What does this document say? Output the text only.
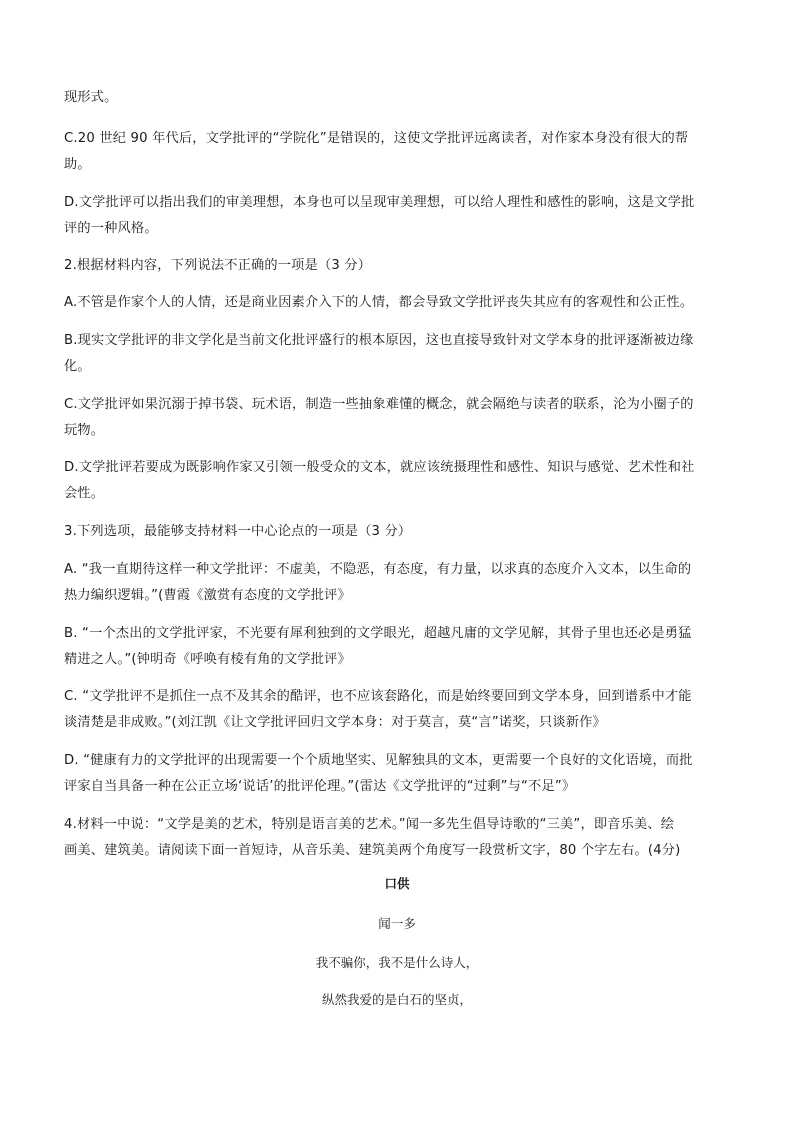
现形式。

C.20 世纪 90 年代后，文学批评的“学院化”是错误的，这使文学批评远离读者，对作家本身没有很大的帮
助。

D.文学批评可以指出我们的审美理想，本身也可以呈现审美理想，可以给人理性和感性的影响，这是文学批
评的一种风格。

2.根据材料内容，下列说法不正确的一项是（3 分）

A.不管是作家个人的人情，还是商业因素介入下的人情，都会导致文学批评丧失其应有的客观性和公正性。

B.现实文学批评的非文学化是当前文化批评盛行的根本原因，这也直接导致针对文学本身的批评逐渐被边缘
化。

C.文学批评如果沉溺于掉书袋、玩术语，制造一些抽象难懂的概念，就会隔绝与读者的联系，沦为小圈子的
玩物。

D.文学批评若要成为既影响作家又引领一般受众的文本，就应该统摄理性和感性、知识与感觉、艺术性和社
会性。

3.下列选项，最能够支持材料一中心论点的一项是（3 分）

A. “我一直期待这样一种文学批评：不虚美，不隐恶，有态度，有力量，以求真的态度介入文本，以生命的
热力编织逻辑。”(曹霞《激赏有态度的文学批评》

B. “一个杰出的文学批评家，不光要有犀利独到的文学眼光，超越凡庸的文学见解，其骨子里也还必是勇猛
精进之人。”(钟明奇《呼唤有棱有角的文学批评》

C. “文学批评不是抓住一点不及其余的酷评，也不应该套路化，而是始终要回到文学本身，回到谱系中才能
谈清楚是非成败。”(刘江凯《让文学批评回归文学本身：对于莫言，莫“言”诺奖，只谈新作》

D. “健康有力的文学批评的出现需要一个个质地坚实、见解独具的文本，更需要一个良好的文化语境，而批
评家自当具备一种在公正立场‘说话’的批评伦理。”(雷达《文学批评的“过剩”与“不足”》

4.材料一中说：“文学是美的艺术，特别是语言美的艺术。”闻一多先生倡导诗歌的“三美”，即音乐美、绘
画美、建筑美。请阅读下面一首短诗，从音乐美、建筑美两个角度写一段赏析文字，80 个字左右。(4分)

口供

闻一多

我不骗你，我不是什么诗人，

纵然我爱的是白石的坚贞，
